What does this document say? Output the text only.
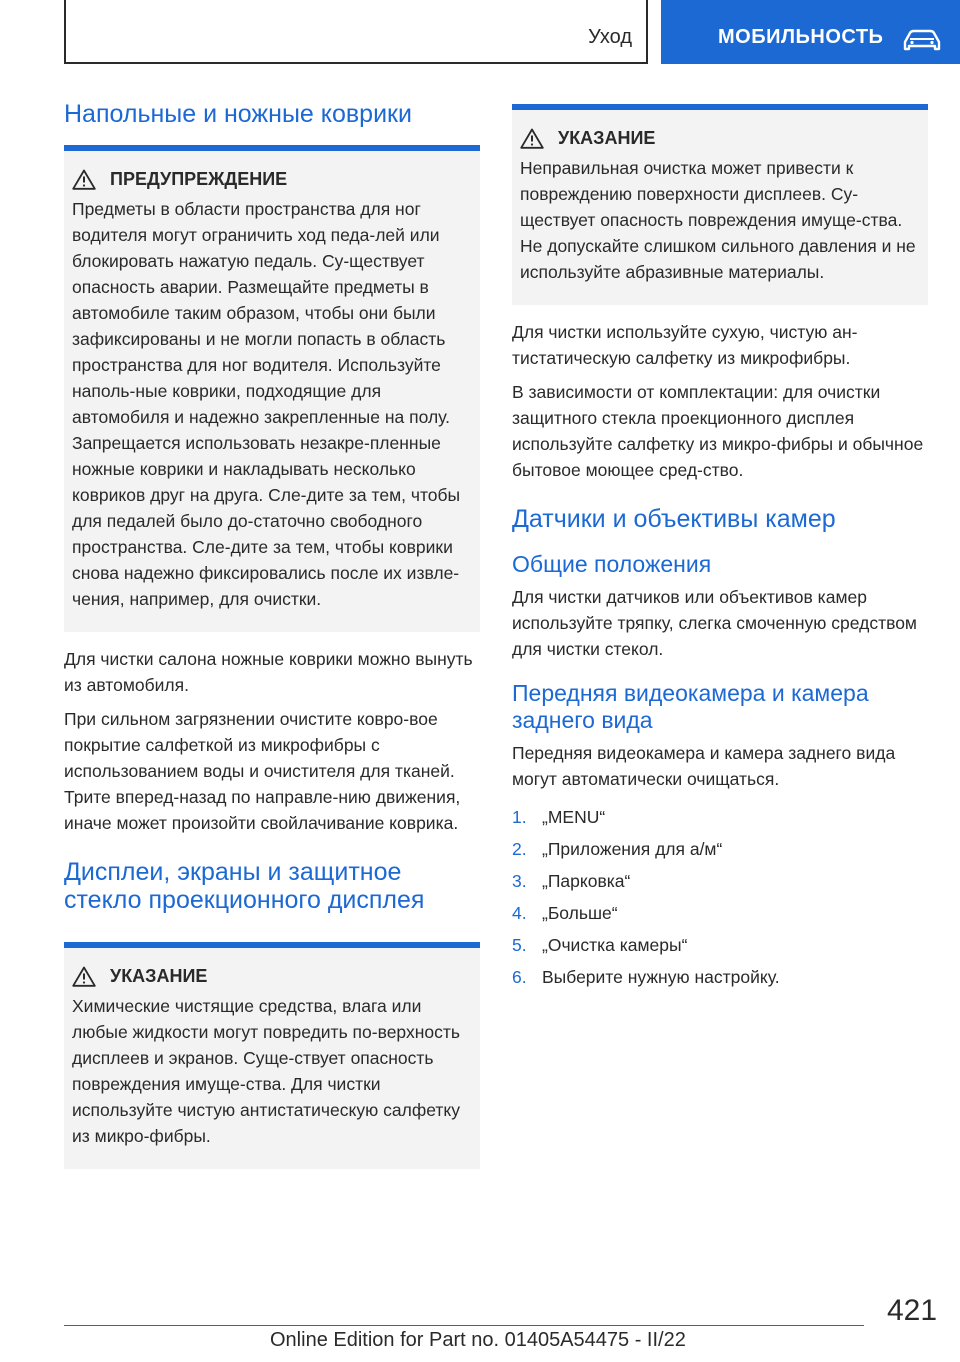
Уход	МОБИЛЬНОСТЬ
Напольные и ножные коврики
ПРЕДУПРЕЖДЕНИЕ

Предметы в области пространства для ног водителя могут ограничить ход педа-лей или блокировать нажатую педаль. Су-ществует опасность аварии. Размещайте предметы в автомобиле таким образом, чтобы они были зафиксированы и не могли попасть в область пространства для ног водителя. Используйте наполь-ные коврики, подходящие для автомобиля и надежно закрепленные на полу. Запрещается использовать незакре-пленные ножные коврики и накладывать несколько ковриков друг на друга. Сле-дите за тем, чтобы для педалей было до-статочно свободного пространства. Сле-дите за тем, чтобы коврики снова надежно фиксировались после их извле-чения, например, для очистки.

Для чистки салона ножные коврики можно вынуть из автомобиля.

При сильном загрязнении очистите ковро-вое покрытие салфеткой из микрофибры с использованием воды и очистителя для тканей. Трите вперед-назад по направле-нию движения, иначе может произойти свойлачивание коврика.

Дисплеи, экраны и защитное стекло проекционного дисплея
УКАЗАНИЕ

Химические чистящие средства, влага или любые жидкости могут повредить по-верхность дисплеев и экранов. Суще-ствует опасность повреждения имуще-ства. Для чистки используйте чистую антистатическую салфетку из микро-фибры.

УКАЗАНИЕ

Неправильная очистка может привести к повреждению поверхности дисплеев. Су-ществует опасность повреждения имуще-ства. Не допускайте слишком сильного давления и не используйте абразивные материалы.

Для чистки используйте сухую, чистую ан-тистатическую салфетку из микрофибры.

В зависимости от комплектации: для очистки защитного стекла проекционного дисплея используйте салфетку из микро-фибры и обычное бытовое моющее сред-ство.

Датчики и объективы камер
Общие положения

Для чистки датчиков или объективов камер используйте тряпку, слегка смоченную средством для чистки стекол.

Передняя видеокамера и камера заднего вида

Передняя видеокамера и камера заднего вида могут автоматически очищаться.

1. „MENU“
2. „Приложения для а/м“
3. „Парковка“
4. „Больше“
5. „Очистка камеры“
6. Выберите нужную настройку.
421
Online Edition for Part no. 01405A54475 - II/22
